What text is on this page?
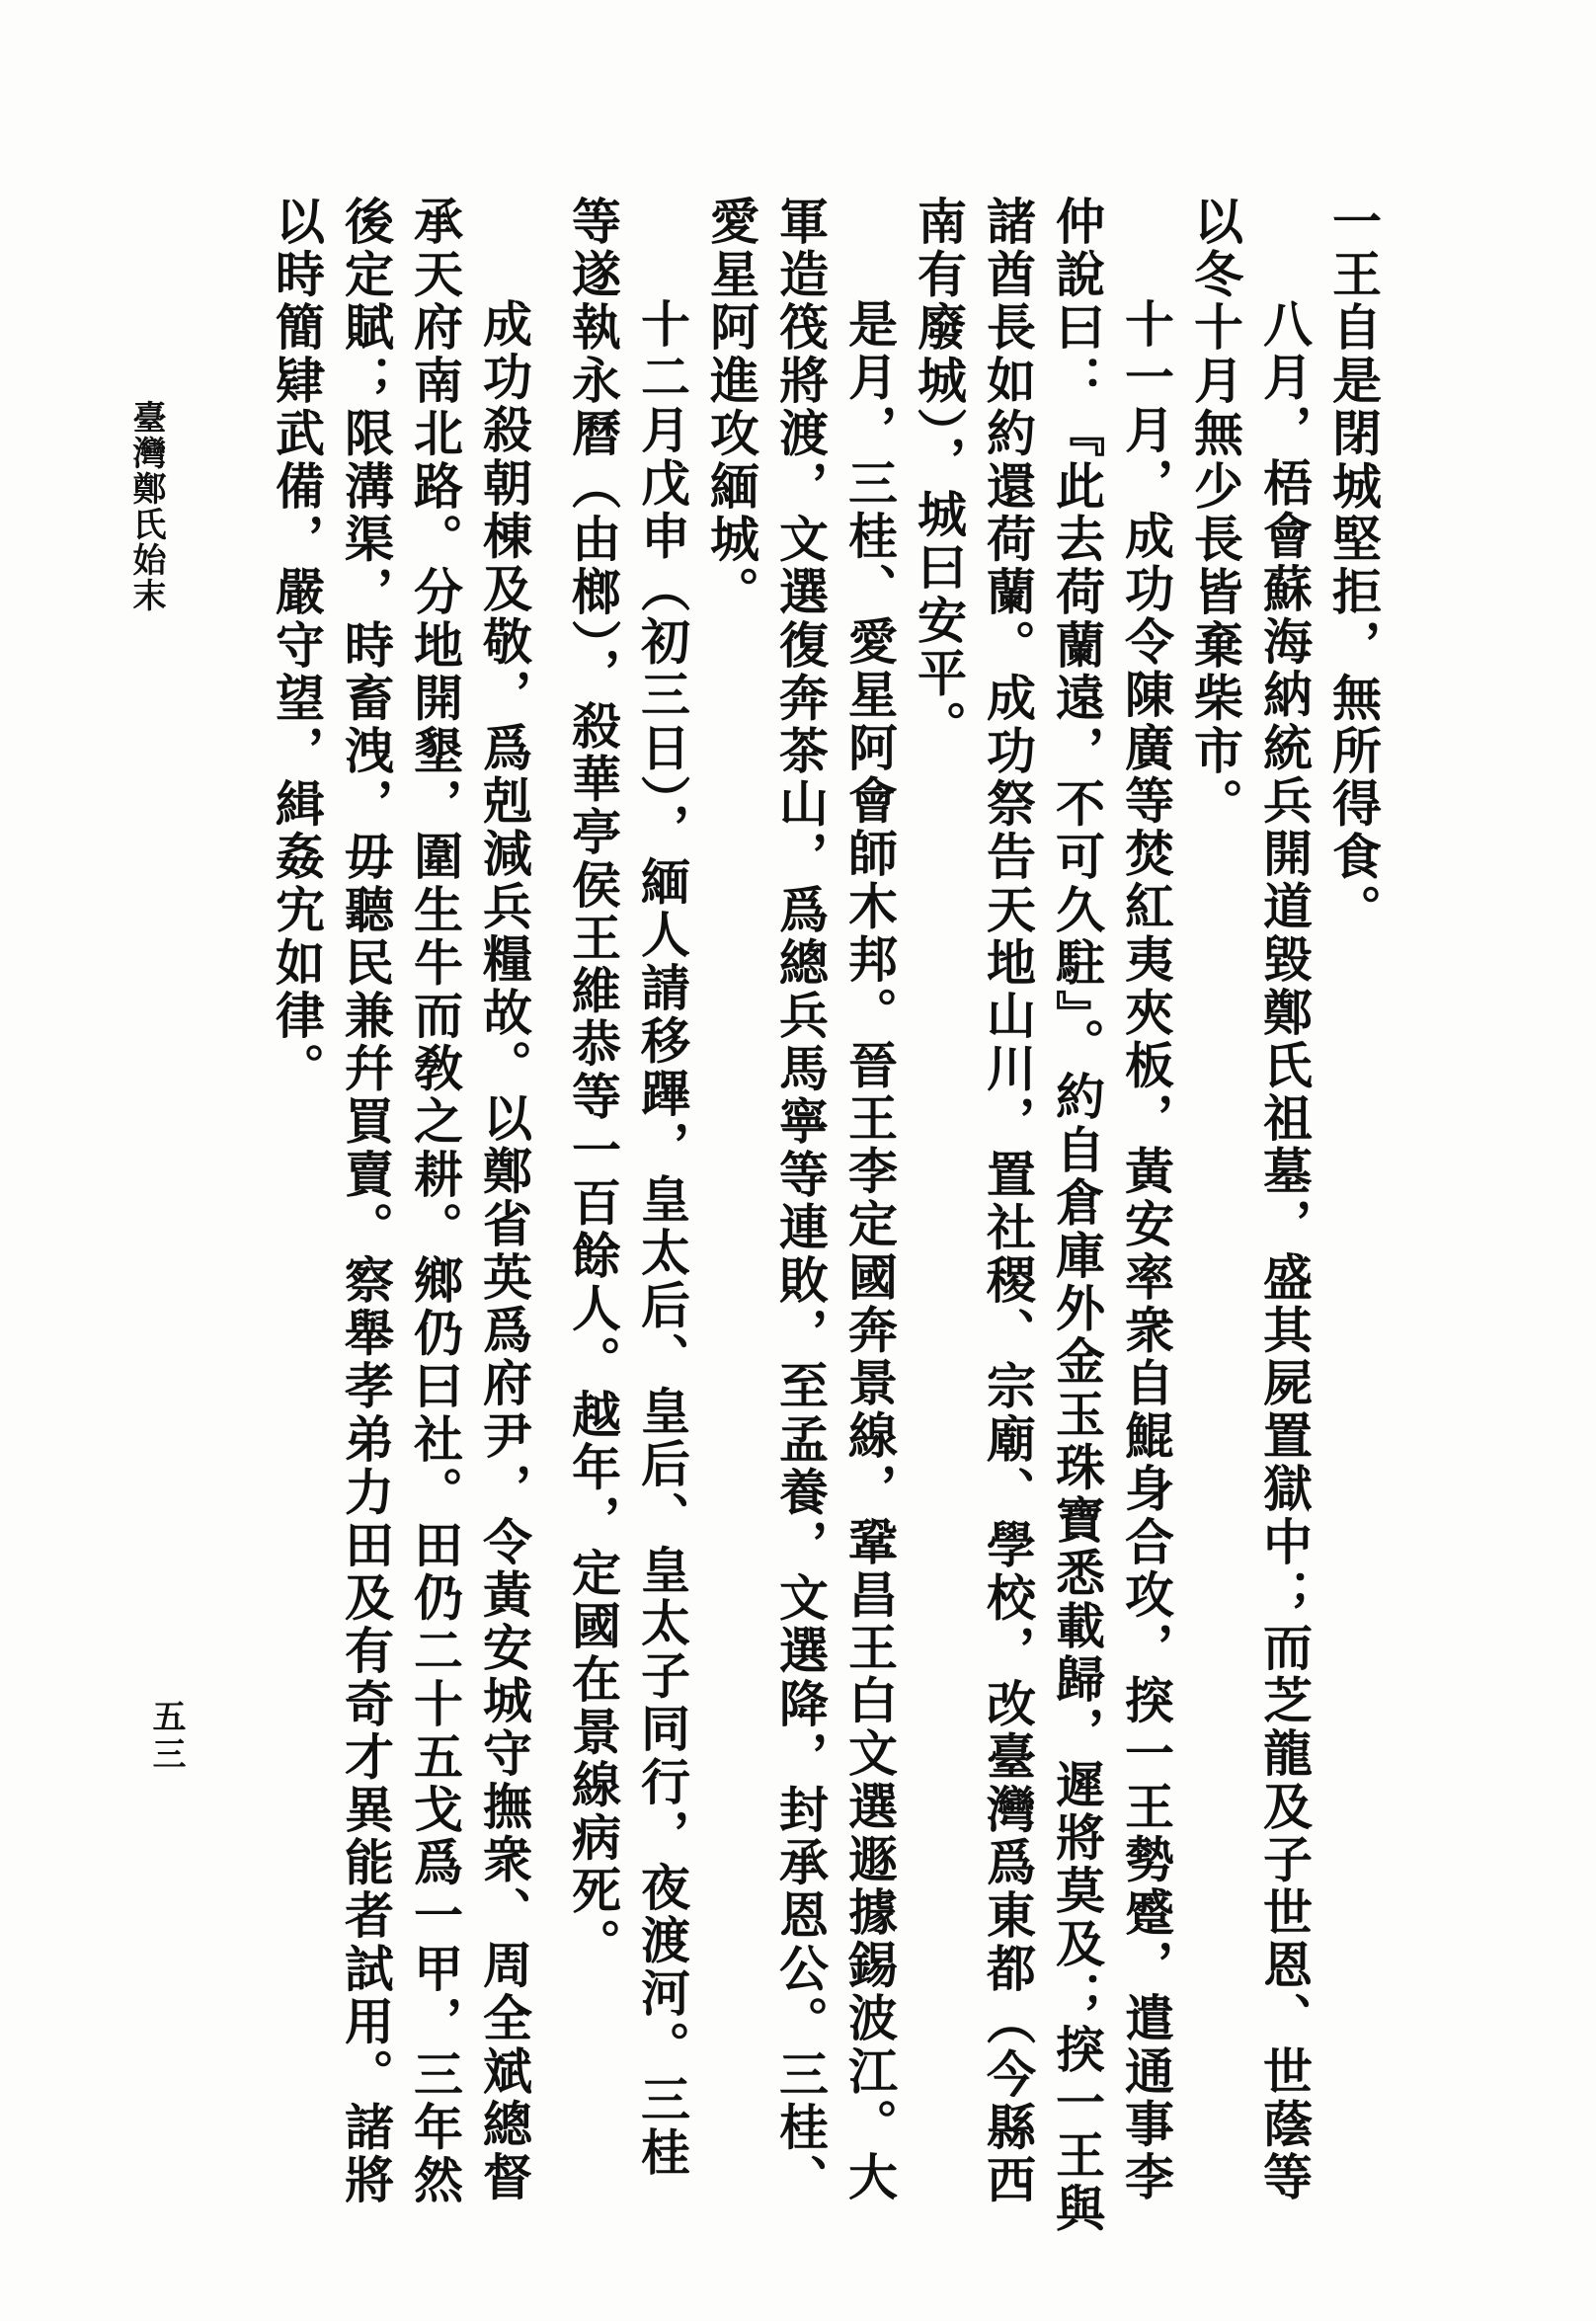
一王自是閉城堅拒，無所得食。
八月，梧會蘇海納統兵開道毀鄭氏祖墓，盛其屍置獄中；而芝龍及子世恩、世蔭等
以冬十月無少長皆棄柴市。
十一月，成功令陳廣等焚紅夷夾板，黃安率衆自鯤身合攻，揬一王勢蹙，遣通事李
仲說曰：『此去荷蘭遠，不可久駐』。約自倉庫外金玉珠寶悉載歸，遲將莫及；揬一王與
諸酋長如約還荷蘭。成功祭告天地山川，置社稷、宗廟、學校，改臺灣爲東都（今縣西
南有廢城），城曰安平。
是月，三桂、愛星阿會師木邦。晉王李定國奔景線，鞏昌王白文選遯據錫波江。大
軍造筏將渡，文選復奔茶山，爲總兵馬寧等連敗，至孟養，文選降，封承恩公。三桂、
愛星阿進攻緬城。
十二月戊申（初三日），緬人請移蹕，皇太后、皇后、皇太子同行，夜渡河。三桂
等遂執永曆（由榔），殺華亭侯王維恭等一百餘人。越年，定國在景線病死。
成功殺朝棟及敬，爲剋減兵糧故。以鄭省英爲府尹，令黃安城守撫衆、周全斌總督
承天府南北路。分地開墾，圍生牛而敎之耕。鄉仍曰社。田仍二十五戈爲一甲，三年然
後定賦；限溝渠，時畜洩，毋聽民兼幷買賣。察舉孝弟力田及有奇才異能者試用。諸將
以時簡肄武備，嚴守望，緝姦宄如律。
臺灣鄭氏始末
五三
